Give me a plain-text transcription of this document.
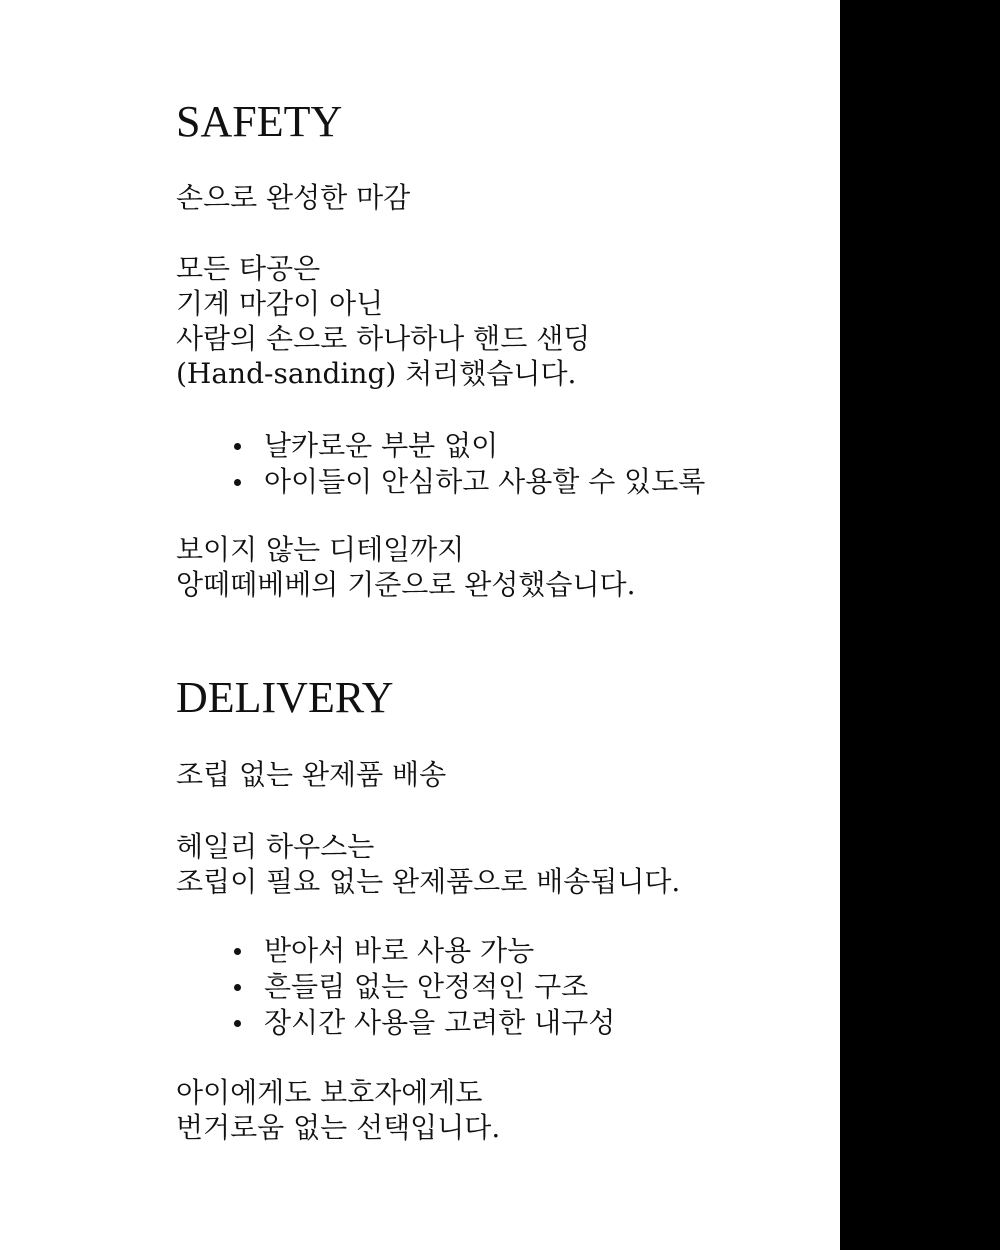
SAFETY
손으로 완성한 마감
모든 타공은
기계 마감이 아닌
사람의 손으로 하나하나 핸드 샌딩
(Hand-sanding) 처리했습니다.
날카로운 부분 없이
아이들이 안심하고 사용할 수 있도록
보이지 않는 디테일까지
앙떼떼베베의 기준으로 완성했습니다.
DELIVERY
조립 없는 완제품 배송
헤일리 하우스는
조립이 필요 없는 완제품으로 배송됩니다.
받아서 바로 사용 가능
흔들림 없는 안정적인 구조
장시간 사용을 고려한 내구성
아이에게도 보호자에게도
번거로움 없는 선택입니다.
